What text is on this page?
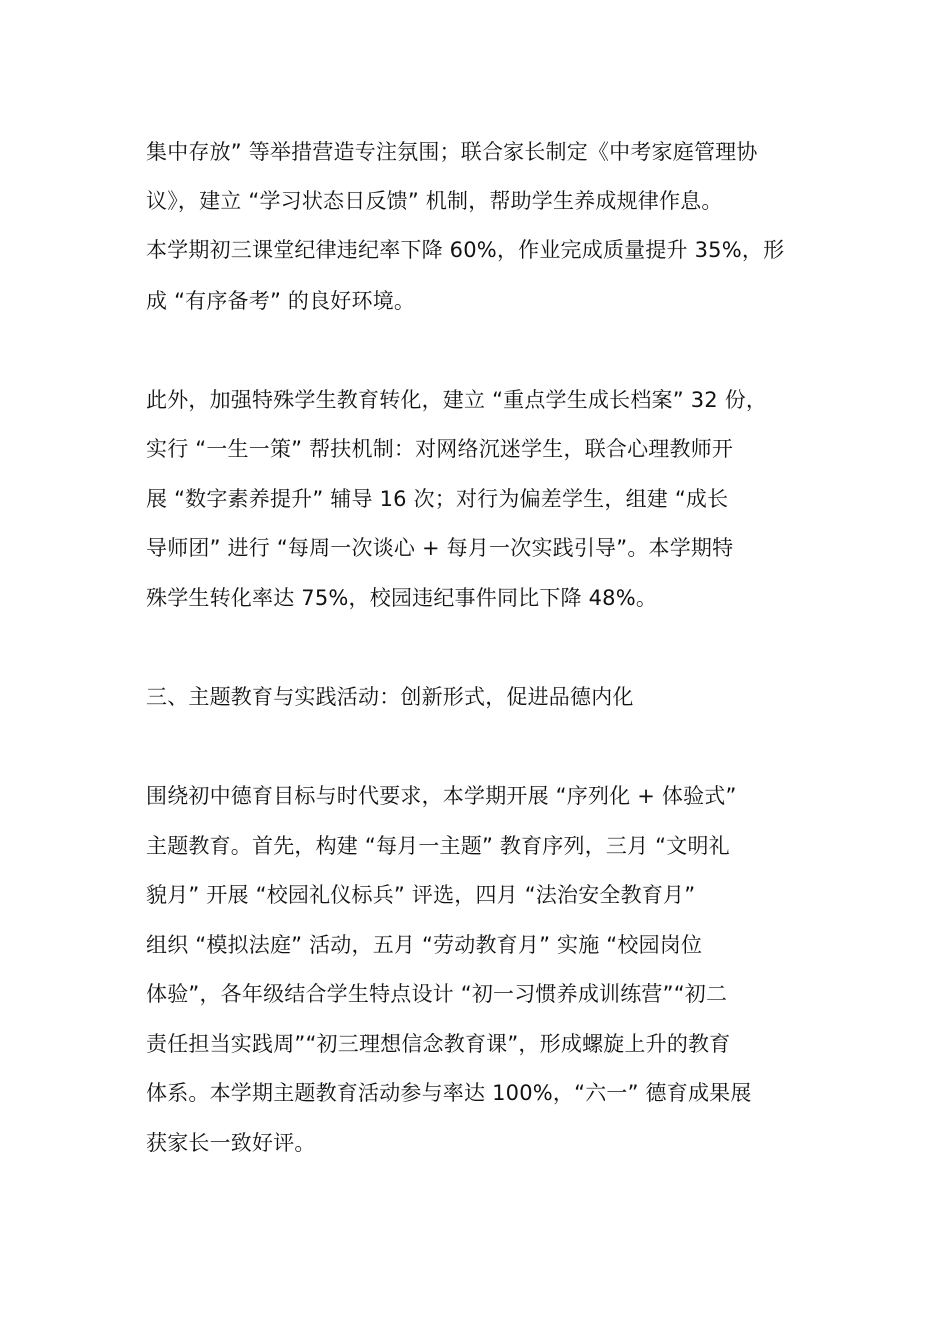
集中存放” 等举措营造专注氛围；联合家长制定《中考家庭管理协
议》，建立 “学习状态日反馈” 机制，帮助学生养成规律作息。
本学期初三课堂纪律违纪率下降 60%，作业完成质量提升 35%，形
成 “有序备考” 的良好环境。
此外，加强特殊学生教育转化，建立 “重点学生成长档案” 32 份，
实行 “一生一策” 帮扶机制：对网络沉迷学生，联合心理教师开
展 “数字素养提升” 辅导 16 次；对行为偏差学生，组建 “成长
导师团” 进行 “每周一次谈心 + 每月一次实践引导”。本学期特
殊学生转化率达 75%，校园违纪事件同比下降 48%。
三、主题教育与实践活动：创新形式，促进品德内化
围绕初中德育目标与时代要求，本学期开展 “序列化 + 体验式”
主题教育。首先，构建 “每月一主题” 教育序列，三月 “文明礼
貌月” 开展 “校园礼仪标兵” 评选，四月 “法治安全教育月”
组织 “模拟法庭” 活动，五月 “劳动教育月” 实施 “校园岗位
体验”，各年级结合学生特点设计 “初一习惯养成训练营”“初二
责任担当实践周”“初三理想信念教育课”，形成螺旋上升的教育
体系。本学期主题教育活动参与率达 100%，“六一” 德育成果展
获家长一致好评。
